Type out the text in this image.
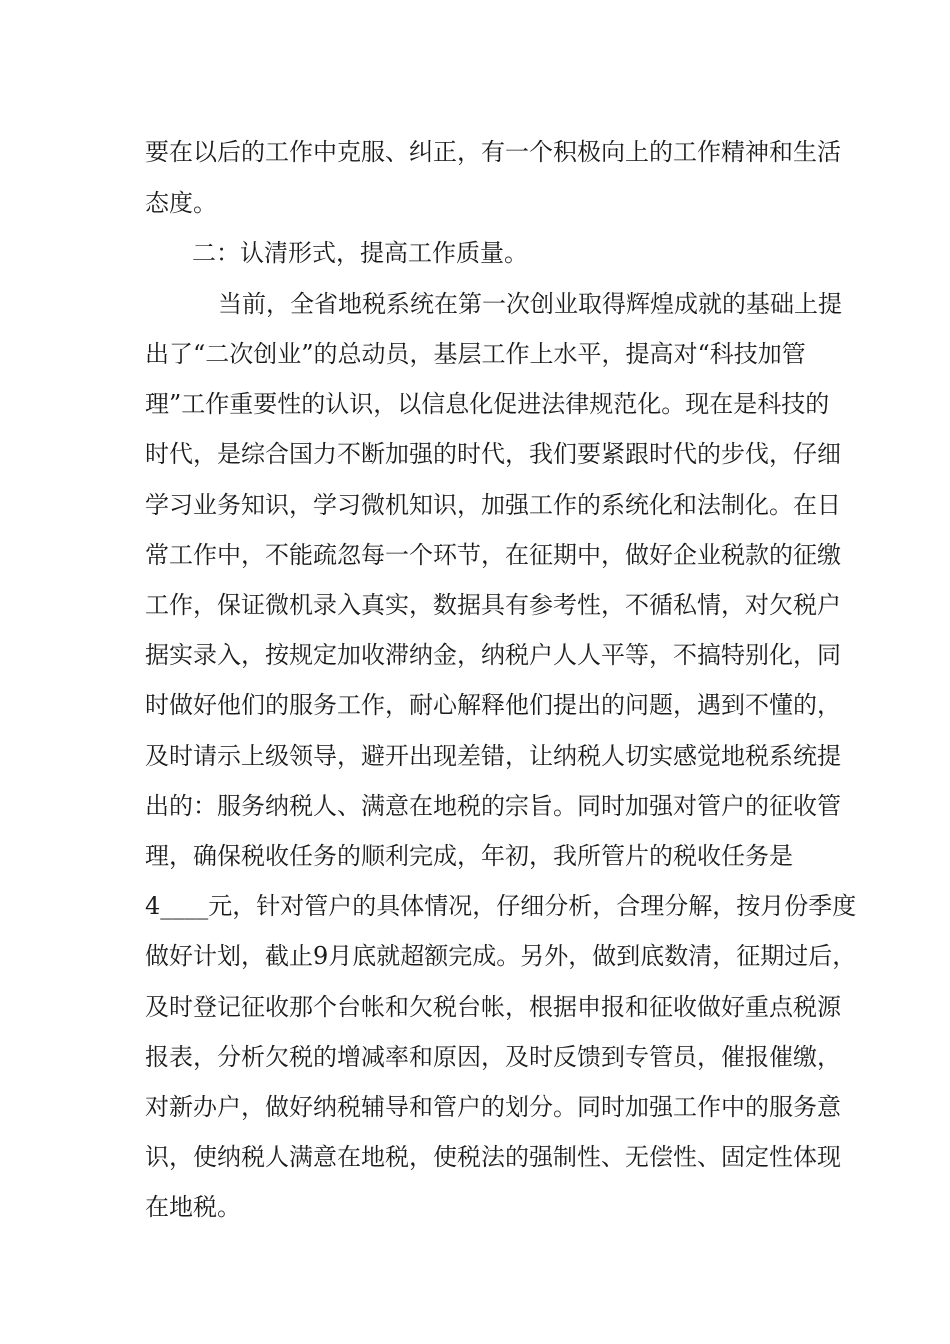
要在以后的工作中克服、纠正，有一个积极向上的工作精神和生活
态度。
二：认清形式，提高工作质量。
当前，全省地税系统在第一次创业取得辉煌成就的基础上提
出了“二次创业”的总动员，基层工作上水平，提高对“科技加管
理”工作重要性的认识，以信息化促进法律规范化。现在是科技的
时代，是综合国力不断加强的时代，我们要紧跟时代的步伐，仔细
学习业务知识，学习微机知识，加强工作的系统化和法制化。在日
常工作中，不能疏忽每一个环节，在征期中，做好企业税款的征缴
工作，保证微机录入真实，数据具有参考性，不循私情，对欠税户
据实录入，按规定加收滞纳金，纳税户人人平等，不搞特别化，同
时做好他们的服务工作，耐心解释他们提出的问题，遇到不懂的，
及时请示上级领导，避开出现差错，让纳税人切实感觉地税系统提
出的：服务纳税人、满意在地税的宗旨。同时加强对管户的征收管
理，确保税收任务的顺利完成，年初，我所管片的税收任务是
4____元，针对管户的具体情况，仔细分析，合理分解，按月份季度
做好计划，截止9月底就超额完成。另外，做到底数清，征期过后，
及时登记征收那个台帐和欠税台帐，根据申报和征收做好重点税源
报表，分析欠税的增减率和原因，及时反馈到专管员，催报催缴，
对新办户，做好纳税辅导和管户的划分。同时加强工作中的服务意
识，使纳税人满意在地税，使税法的强制性、无偿性、固定性体现
在地税。
